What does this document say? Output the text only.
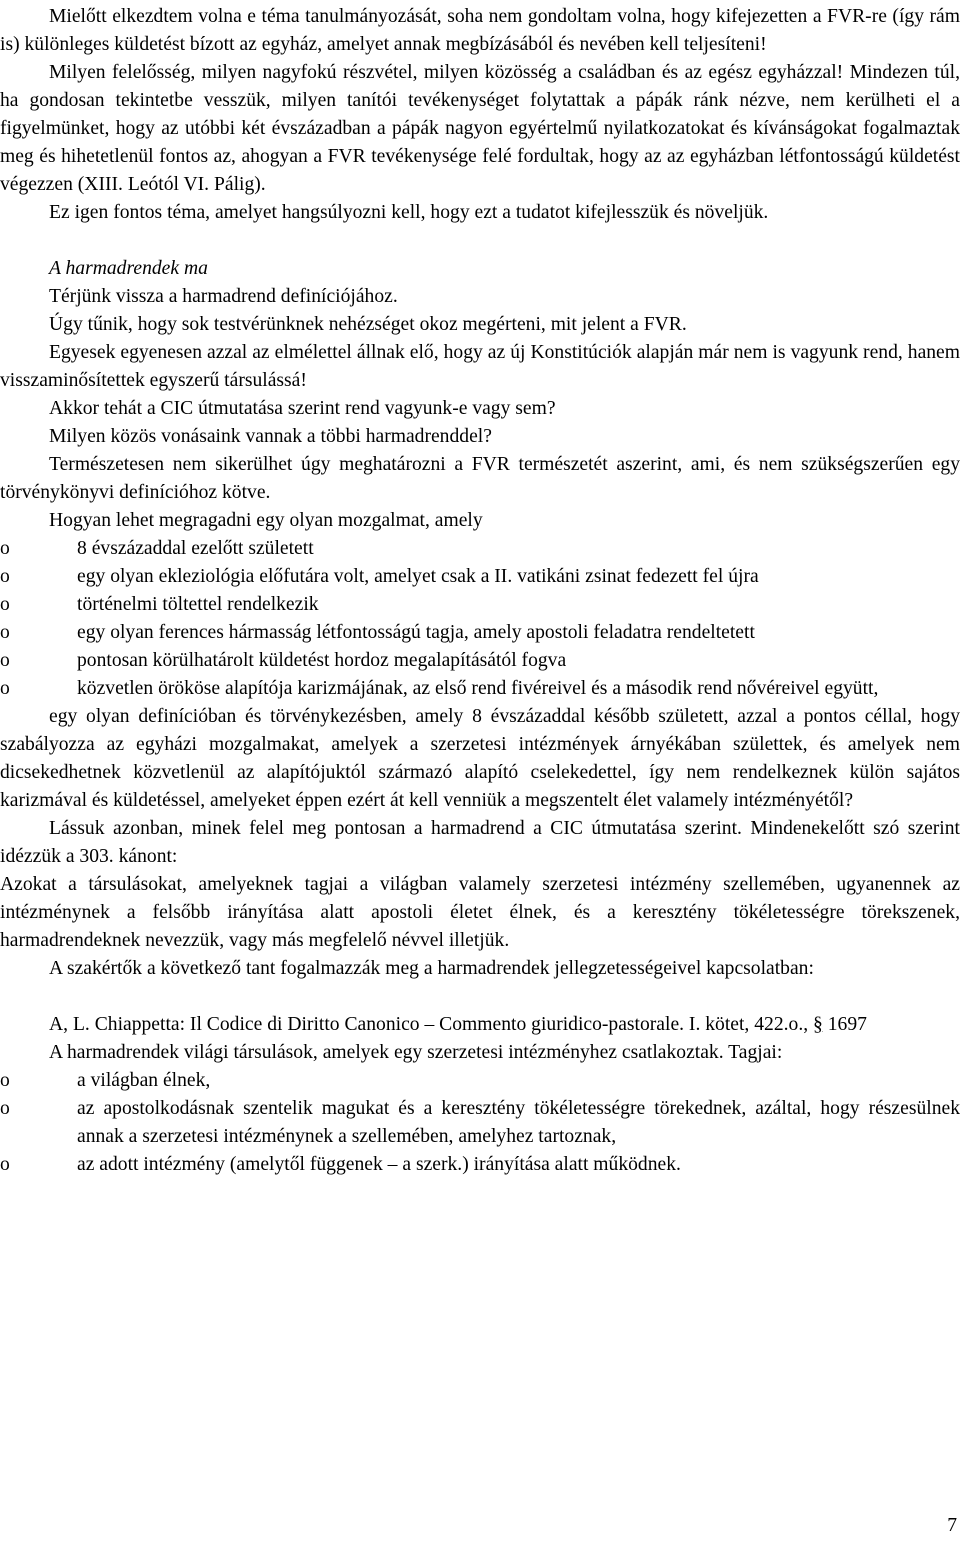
Mielőtt elkezdtem volna e téma tanulmányozását, soha nem gondoltam volna, hogy kifejezetten a FVR-re (így rám is) különleges küldetést bízott az egyház, amelyet annak megbízásából és nevében kell teljesíteni!

Milyen felelősség, milyen nagyfokú részvétel, milyen közösség a családban és az egész egyházzal! Mindezen túl, ha gondosan tekintetbe vesszük, milyen tanítói tevékenységet folytattak a pápák ránk nézve, nem kerülheti el a figyelmünket, hogy az utóbbi két évszázadban a pápák nagyon egyértelmű nyilatkozatokat és kívánságokat fogalmaztak meg és hihetetlenül fontos az, ahogyan a FVR tevékenysége felé fordultak, hogy az az egyházban létfontosságú küldetést végezzen (XIII. Leótól VI. Pálig).

Ez igen fontos téma, amelyet hangsúlyozni kell, hogy ezt a tudatot kifejlesszük és növeljük.

A harmadrendek ma

Térjünk vissza a harmadrend definíciójához.

Úgy tűnik, hogy sok testvérünknek nehézséget okoz megérteni, mit jelent a FVR.

Egyesek egyenesen azzal az elmélettel állnak elő, hogy az új Konstitúciók alapján már nem is vagyunk rend, hanem visszaminősítettek egyszerű társulássá!

Akkor tehát a CIC útmutatása szerint rend vagyunk-e vagy sem?

Milyen közös vonásaink vannak a többi harmadrenddel?

Természetesen nem sikerülhet úgy meghatározni a FVR természetét aszerint, ami, és nem szükségszerűen egy törvénykönyvi definícióhoz kötve.

Hogyan lehet megragadni egy olyan mozgalmat, amely

o	8 évszázaddal ezelőtt született
o	egy olyan ekleziológia előfutára volt, amelyet csak a II. vatikáni zsinat fedezett fel újra
o	történelmi töltettel rendelkezik
o	egy olyan ferences hármasság létfontosságú tagja, amely apostoli feladatra rendeltetett
o	pontosan körülhatárolt küldetést hordoz megalapításától fogva
o	közvetlen örököse alapítója karizmájának, az első rend fivéreivel és a második rend nővéreivel együtt,

egy olyan definícióban és törvénykezésben, amely 8 évszázaddal később született, azzal a pontos céllal, hogy szabályozza az egyházi mozgalmakat, amelyek a szerzetesi intézmények árnyékában születtek, és amelyek nem dicsekedhetnek közvetlenül az alapítójuktól származó alapító cselekedettel, így nem rendelkeznek külön sajátos karizmával és küldetéssel, amelyeket éppen ezért át kell venniük a megszentelt élet valamely intézményétől?

Lássuk azonban, minek felel meg pontosan a harmadrend a CIC útmutatása szerint. Mindenekelőtt szó szerint idézzük a 303. kánont:

Azokat a társulásokat, amelyeknek tagjai a világban valamely szerzetesi intézmény szellemében, ugyanennek az intézménynek a felsőbb irányítása alatt apostoli életet élnek, és a keresztény tökéletességre törekszenek, harmadrendeknek nevezzük, vagy más megfelelő névvel illetjük.

A szakértők a következő tant fogalmazzák meg a harmadrendek jellegzetességeivel kapcsolatban:

A, L. Chiappetta: Il Codice di Diritto Canonico – Commento giuridico-pastorale. I. kötet, 422.o., § 1697

A harmadrendek világi társulások, amelyek egy szerzetesi intézményhez csatlakoztak. Tagjai:

o	a világban élnek,
o	az apostolkodásnak szentelik magukat és a keresztény tökéletességre törekednek, azáltal, hogy részesülnek annak a szerzetesi intézménynek a szellemében, amelyhez tartoznak,
o	az adott intézmény (amelytől függenek – a szerk.) irányítása alatt működnek.
7
